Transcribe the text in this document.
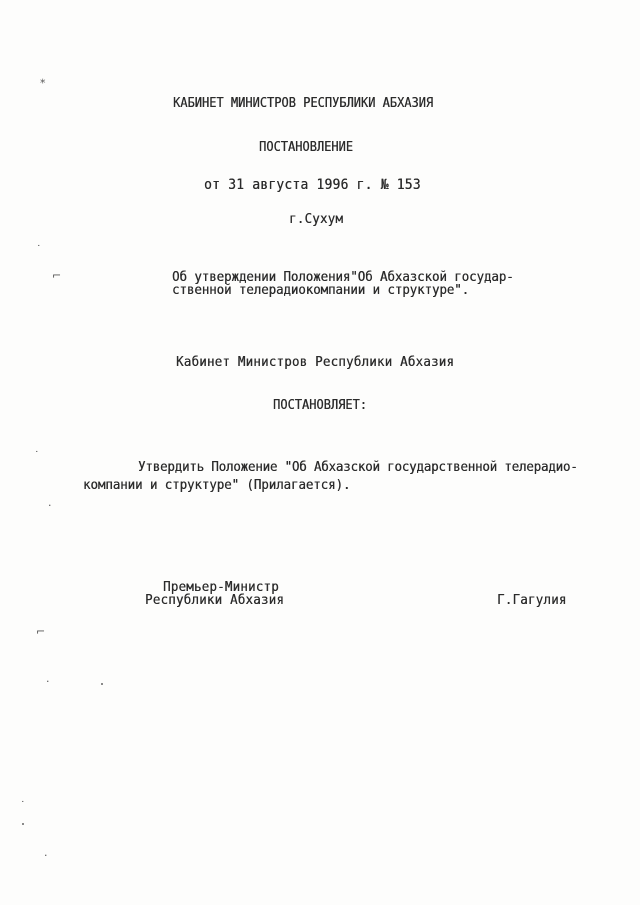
КАБИНЕТ МИНИСТРОВ РЕСПУБЛИКИ АБХАЗИЯ
ПОСТАНОВЛЕНИЕ
от 31 августа 1996 г. № 153
г.Сухум
Об утверждении Положения"Об Абхазской государ-
ственной телерадиокомпании и структуре".
Кабинет Министров Республики Абхазия
ПОСТАНОВЛЯЕТ:
Утвердить Положение "Об Абхазской государственной телерадио-
компании и структуре" (Прилагается).
Премьер-Министр
Республики Абхазия	Г.Гагулия
⁎
˙
⌐
˙
·
⌐
·
˙
·
